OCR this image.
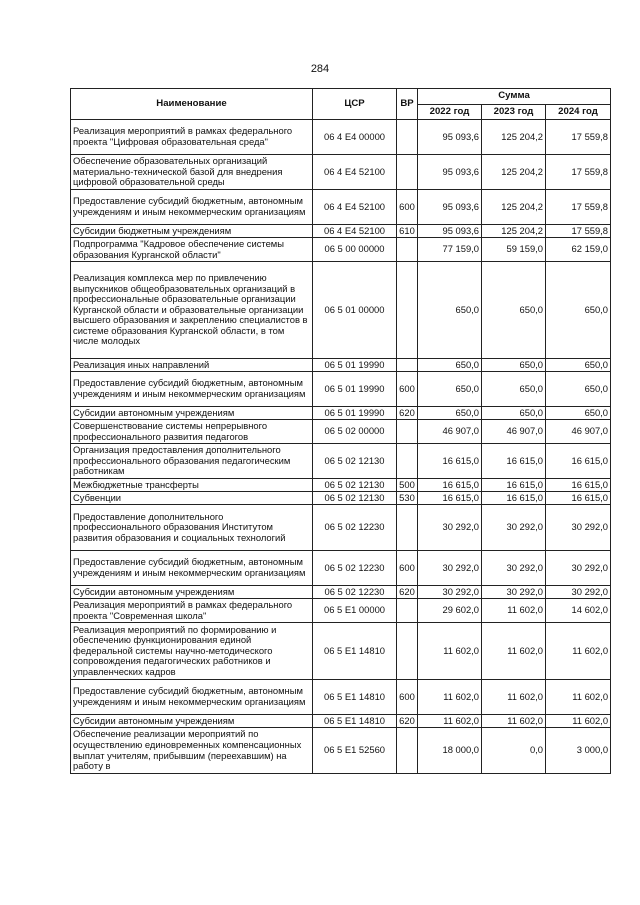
284
Наименование	ЦСР	ВР	Сумма		
			2022 год	2023 год	2024 год
Реализация мероприятий в рамках федерального проекта "Цифровая образовательная среда"	06 4 E4 00000		95 093,6	125 204,2	17 559,8
Обеспечение образовательных организаций материально-технической базой для внедрения цифровой образовательной среды	06 4 E4 52100		95 093,6	125 204,2	17 559,8
Предоставление субсидий бюджетным, автономным учреждениям и иным некоммерческим организациям	06 4 E4 52100	600	95 093,6	125 204,2	17 559,8
Субсидии бюджетным учреждениям	06 4 E4 52100	610	95 093,6	125 204,2	17 559,8
Подпрограмма "Кадровое обеспечение системы образования Курганской области"	06 5 00 00000		77 159,0	59 159,0	62 159,0
Реализация комплекса мер по привлечению выпускников общеобразовательных организаций в профессиональные образовательные организации Курганской области и образовательные организации высшего образования и закреплению специалистов в системе образования Курганской области, в том числе молодых	06 5 01 00000		650,0	650,0	650,0
Реализация иных направлений	06 5 01 19990		650,0	650,0	650,0
Предоставление субсидий бюджетным, автономным учреждениям и иным некоммерческим организациям	06 5 01 19990	600	650,0	650,0	650,0
Субсидии автономным учреждениям	06 5 01 19990	620	650,0	650,0	650,0
Совершенствование системы непрерывного профессионального развития педагогов	06 5 02 00000		46 907,0	46 907,0	46 907,0
Организация предоставления дополнительного профессионального образования педагогическим работникам	06 5 02 12130		16 615,0	16 615,0	16 615,0
Межбюджетные трансферты	06 5 02 12130	500	16 615,0	16 615,0	16 615,0
Субвенции	06 5 02 12130	530	16 615,0	16 615,0	16 615,0
Предоставление дополнительного профессионального образования Институтом развития образования и социальных технологий	06 5 02 12230		30 292,0	30 292,0	30 292,0
Предоставление субсидий бюджетным, автономным учреждениям и иным некоммерческим организациям	06 5 02 12230	600	30 292,0	30 292,0	30 292,0
Субсидии автономным учреждениям	06 5 02 12230	620	30 292,0	30 292,0	30 292,0
Реализация мероприятий в рамках федерального проекта "Современная школа"	06 5 E1 00000		29 602,0	11 602,0	14 602,0
Реализация мероприятий по формированию и обеспечению функционирования единой федеральной системы научно-методического сопровождения педагогических работников и управленческих кадров	06 5 E1 14810		11 602,0	11 602,0	11 602,0
Предоставление субсидий бюджетным, автономным учреждениям и иным некоммерческим организациям	06 5 E1 14810	600	11 602,0	11 602,0	11 602,0
Субсидии автономным учреждениям	06 5 E1 14810	620	11 602,0	11 602,0	11 602,0
Обеспечение реализации мероприятий по осуществлению единовременных компенсационных выплат учителям, прибывшим (переехавшим) на работу в	06 5 E1 52560		18 000,0	0,0	3 000,0
